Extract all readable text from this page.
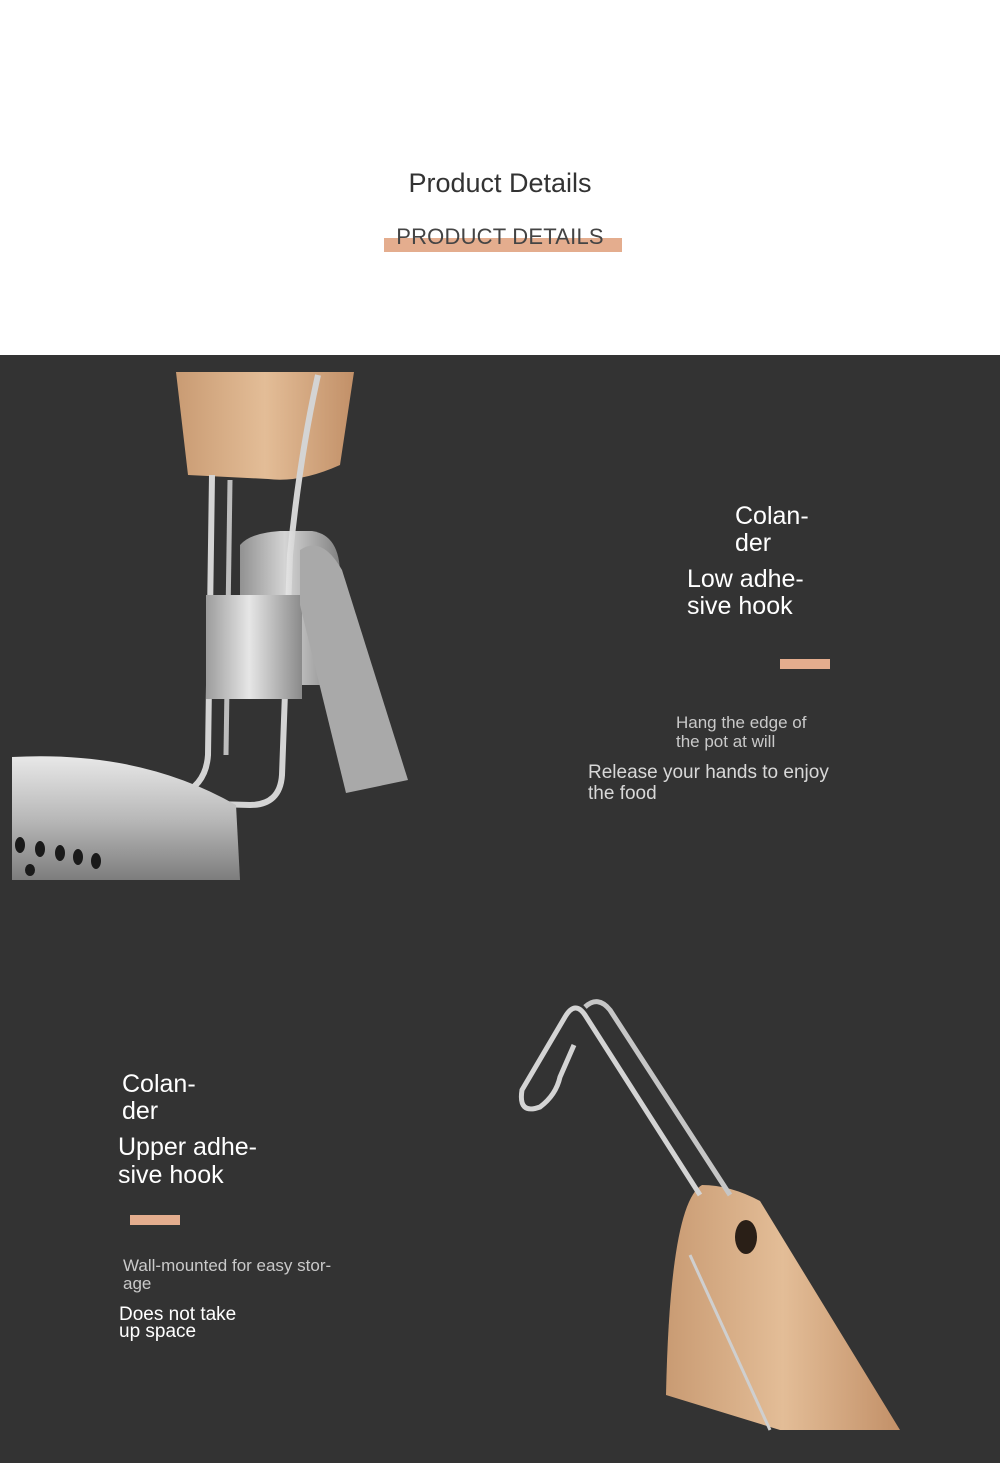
Product Details
PRODUCT DETAILS
Colan-
der
Low adhe-
sive hook
Hang the edge of
the pot at will
Release your hands to enjoy
the food
Colan-
der
Upper adhe-
sive hook
Wall-mounted for easy stor-
age
Does not take
up space
